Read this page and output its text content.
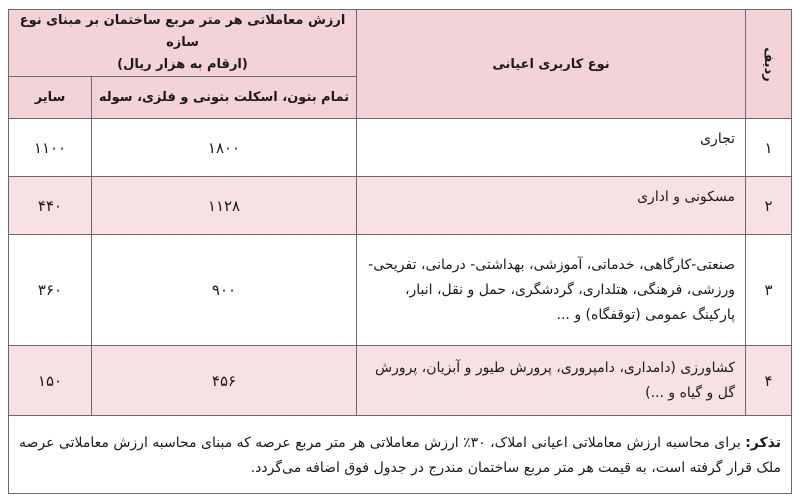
ردیف	نوع کاربری اعیانی	ارزش معاملاتی هر متر مربع ساختمان بر مبنای نوع سازه
(ارقام به هزار ریال)	

		تمام بتون، اسکلت بتونی و فلزی، سوله	سایر
۱	تجاری	۱۸۰۰	۱۱۰۰
۲	مسکونی و اداری	۱۱۲۸	۴۴۰
۳	صنعتی-کارگاهی، خدماتی، آموزشی، بهداشتی- درمانی، تفریحی- ورزشی، فرهنگی، هتلداری، گردشگری، حمل و نقل، انبار، پارکینگ عمومی (توقفگاه) و ...	۹۰۰	۳۶۰
۴	کشاورزی (دامداری، دامپروری، پرورش طیور و آبزیان، پرورش گل و گیاه و ...)	۴۵۶	۱۵۰
تذکر: برای محاسبه ارزش معاملاتی اعیانی املاک، ۳۰٪ ارزش معاملاتی هر متر مربع عرصه که مبنای محاسبه ارزش معاملاتی عرصه ملک قرار گرفته است، به قیمت هر متر مربع ساختمان مندرج در جدول فوق اضافه می‌گردد.			
